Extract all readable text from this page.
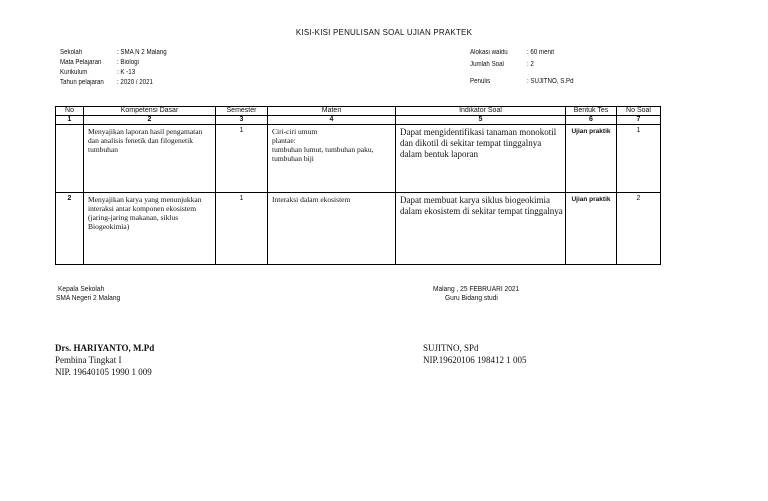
KISI-KISI PENULISAN SOAL UJIAN PRAKTEK
Sekolah	: SMA N 2 Malang
Mata Pelajaran : Biologi
Kurikulum	: K -13
Tahun pelajaran : 2020 / 2021
Alokasi waktu	: 60 menit
Jumlah Soal	: 2
Penulis	: SUJITNO, S.Pd
No	Kompetensi Dasar	Semester	Materi	Indikator Soal	Bentuk Tes	No Soal
1	2	3	4	5	6	7
	Menyajikan laporan hasil pengamatan dan analisis fenetik dan filogenetik tumbuhan	1	Ciri-ciri umum
plantae:
tumbuhan lumut, tumbuhan paku, tumbuhan biji	Dapat mengidentifikasi tanaman monokotil dan dikotil di sekitar tempat tinggalnya dalam bentuk laporan	Ujian praktik	1
2	Menyajikan karya yang menunjukkan interaksi antar komponen ekosistem (jaring-jaring makanan, siklus Biogeokimia)	1	Interaksi dalam ekosistem	Dapat membuat karya siklus biogeokimia dalam ekosistem di sekitar tempat tinggalnya	Ujian praktik	2
Kepala Sekolah
SMA Negeri 2 Malang
Drs. HARIYANTO, M.Pd
Pembina Tingkat I
NIP. 19640105 1990 1 009
Malang , 25 FEBRUARI 2021
Guru Bidang studi
SUJITNO, SPd
NIP.19620106 198412 1 005
